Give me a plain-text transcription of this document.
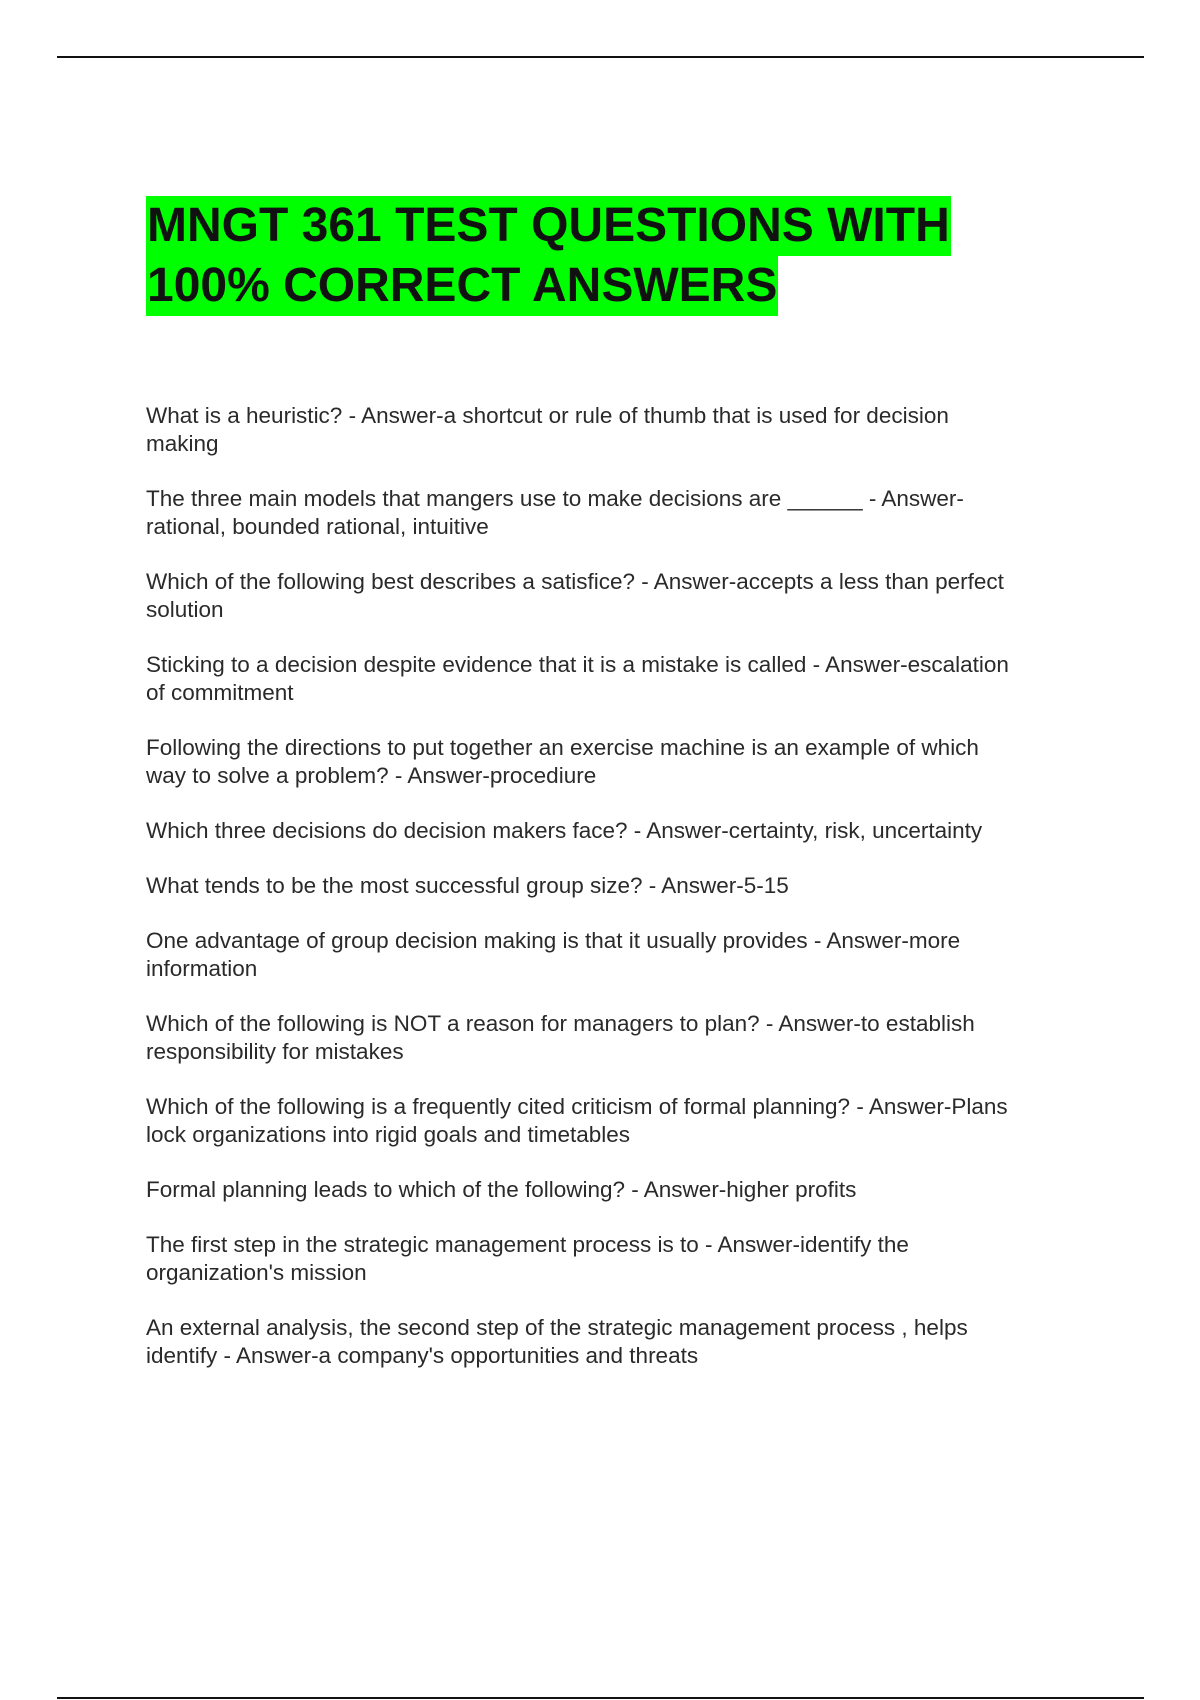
MNGT 361 TEST QUESTIONS WITH
100% CORRECT ANSWERS
What is a heuristic? - Answer-a shortcut or rule of thumb that is used for decision
making
The three main models that mangers use to make decisions are ______ - Answer-
rational, bounded rational, intuitive
Which of the following best describes a satisfice? - Answer-accepts a less than perfect
solution
Sticking to a decision despite evidence that it is a mistake is called - Answer-escalation
of commitment
Following the directions to put together an exercise machine is an example of which
way to solve a problem? - Answer-procediure
Which three decisions do decision makers face? - Answer-certainty, risk, uncertainty
What tends to be the most successful group size? - Answer-5-15
One advantage of group decision making is that it usually provides - Answer-more
information
Which of the following is NOT a reason for managers to plan? - Answer-to establish
responsibility for mistakes
Which of the following is a frequently cited criticism of formal planning? - Answer-Plans
lock organizations into rigid goals and timetables
Formal planning leads to which of the following? - Answer-higher profits
The first step in the strategic management process is to - Answer-identify the
organization's mission
An external analysis, the second step of the strategic management process , helps
identify - Answer-a company's opportunities and threats
